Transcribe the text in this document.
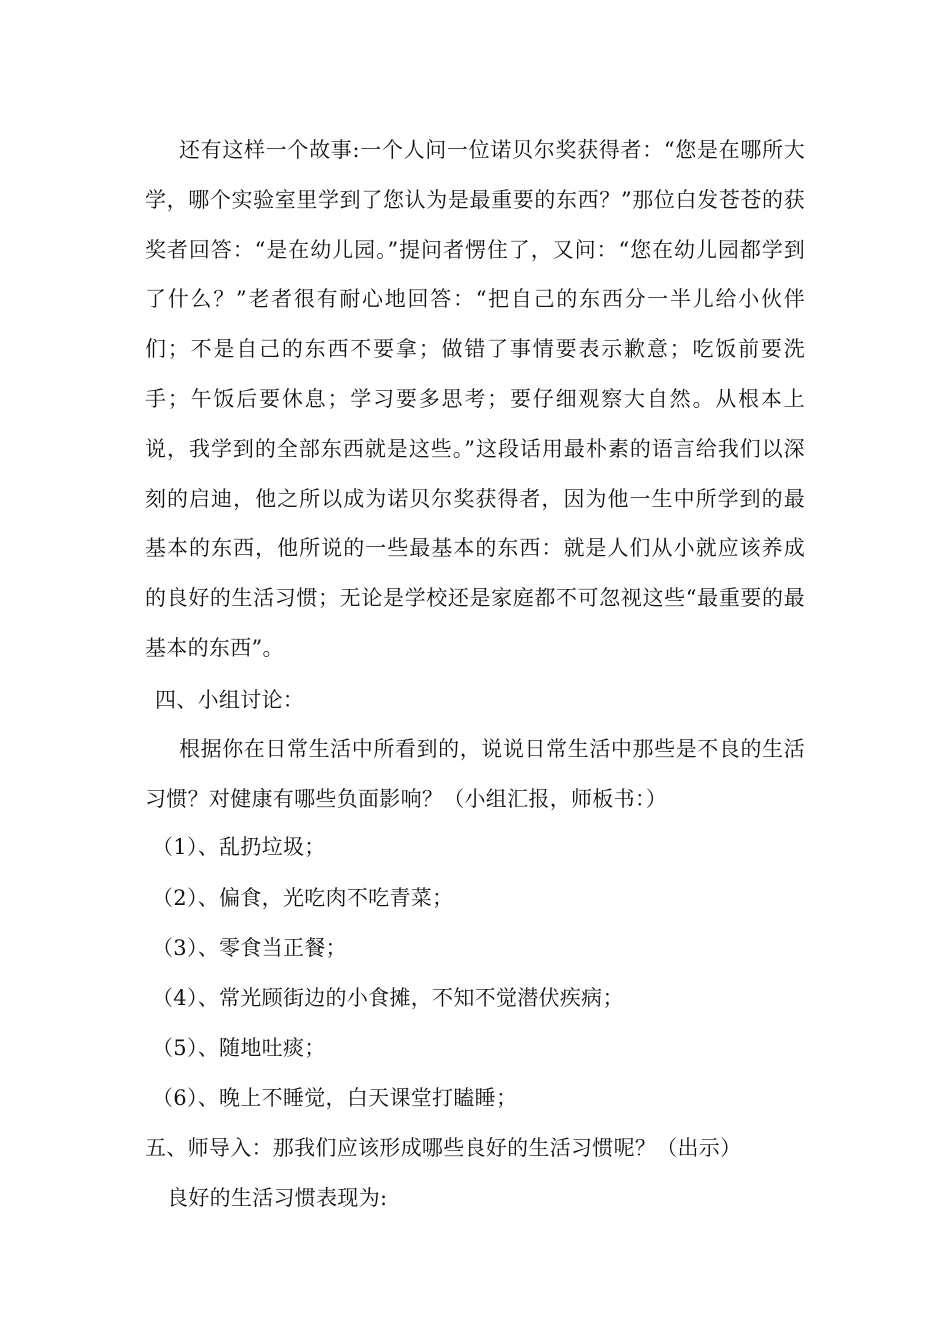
还有这样一个故事:一个人问一位诺贝尔奖获得者：“您是在哪所大学，哪个实验室里学到了您认为是最重要的东西？”那位白发苍苍的获奖者回答：“是在幼儿园。”提问者愣住了，又问：“您在幼儿园都学到了什么？”老者很有耐心地回答：“把自己的东西分一半儿给小伙伴们；不是自己的东西不要拿；做错了事情要表示歉意；吃饭前要洗手；午饭后要休息；学习要多思考；要仔细观察大自然。从根本上说，我学到的全部东西就是这些。”这段话用最朴素的语言给我们以深刻的启迪，他之所以成为诺贝尔奖获得者，因为他一生中所学到的最基本的东西，他所说的一些最基本的东西：就是人们从小就应该养成的良好的生活习惯；无论是学校还是家庭都不可忽视这些“最重要的最基本的东西”。

四、小组讨论：

根据你在日常生活中所看到的，说说日常生活中那些是不良的生活习惯？对健康有哪些负面影响？（小组汇报，师板书：）

（1）、乱扔垃圾；

（2）、偏食，光吃肉不吃青菜；

（3）、零食当正餐；

（4）、常光顾街边的小食摊，不知不觉潜伏疾病；

（5）、随地吐痰；

（6）、晚上不睡觉，白天课堂打瞌睡；

五、师导入：那我们应该形成哪些良好的生活习惯呢？（出示）

良好的生活习惯表现为:
